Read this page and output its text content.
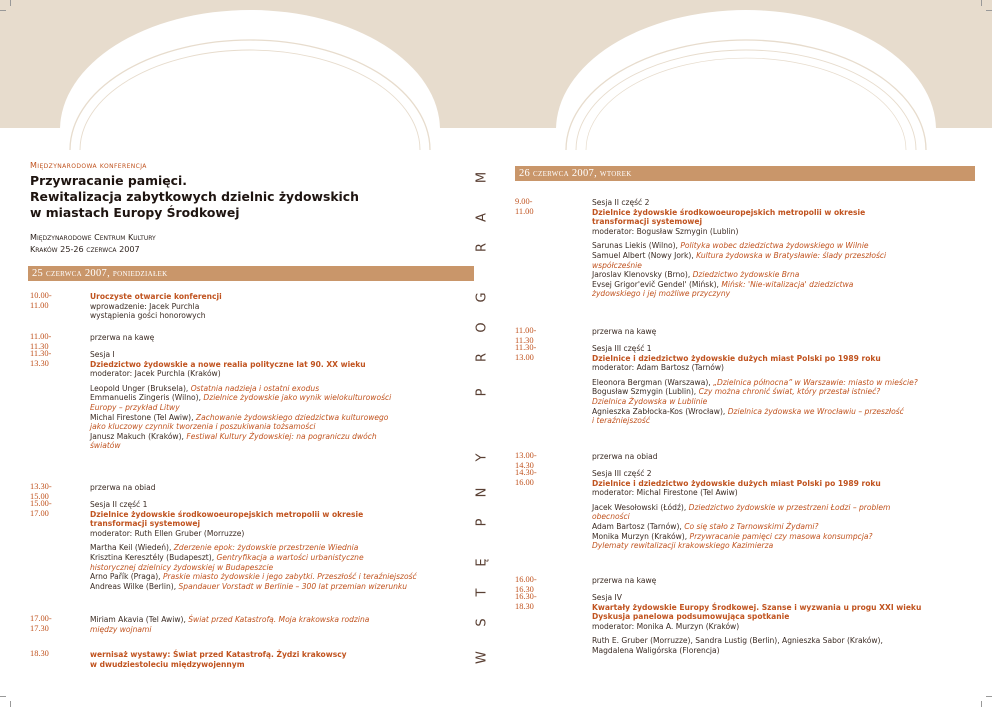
Międzynarodowa konferencja
Przywracanie pamięci.
Rewitalizacja zabytkowych dzielnic żydowskich
w miastach Europy Środkowej
Międzynarodowe Centrum Kultury
Kraków 25-26 czerwca 2007
25 czerwca 2007, poniedziałek
10.00-11.00
Uroczyste otwarcie konferencji
wprowadzenie: Jacek Purchla
wystąpienia gości honorowych
11.00-11.30
przerwa na kawę
11.30-13.30
Sesja I
Dziedzictwo żydowskie a nowe realia polityczne lat 90. XX wieku
moderator: Jacek Purchla (Kraków)
Leopold Unger (Bruksela), Ostatnia nadzieja i ostatni exodus
Emmanuelis Zingeris (Wilno), Dzielnice żydowskie jako wynik wielokulturowości
Europy – przykład Litwy
Michal Firestone (Tel Awiw), Zachowanie żydowskiego dziedzictwa kulturowego
jako kluczowy czynnik tworzenia i poszukiwania tożsamości
Janusz Makuch (Kraków), Festiwal Kultury Żydowskiej: na pograniczu dwóch
światów
13.30-15.00
przerwa na obiad
15.00-17.00
Sesja II część 1
Dzielnice żydowskie środkowoeuropejskich metropolii w okresie
transformacji systemowej
moderator: Ruth Ellen Gruber (Morruzze)
Martha Keil (Wiedeń), Zderzenie epok: żydowskie przestrzenie Wiednia
Krisztina Keresztély (Budapeszt), Gentryfikacja a wartości urbanistyczne
historycznej dzielnicy żydowskiej w Budapeszcie
Arno Pařík (Praga), Praskie miasto żydowskie i jego zabytki. Przeszłość i teraźniejszość
Andreas Wilke (Berlin), Spandauer Vorstadt w Berlinie – 300 lat przemian wizerunku
17.00-17.30
Miriam Akavia (Tel Awiw), Świat przed Katastrofą. Moja krakowska rodzina
między wojnami
18.30	wernisaż wystawy: Świat przed Katastrofą. Żydzi krakowscy
w dwudziestoleciu międzywojennym
W
S
T
Ę
P
N
Y
P
R
O
G
R
A
M	26 czerwca 2007, wtorek
9.00-11.00
Sesja II część 2
Dzielnice żydowskie środkowoeuropejskich metropolii w okresie
transformacji systemowej
moderator: Bogusław Szmygin (Lublin)
Sarunas Liekis (Wilno), Polityka wobec dziedzictwa żydowskiego w Wilnie
Samuel Albert (Nowy Jork), Kultura żydowska w Bratysławie: ślady przeszłości
współcześnie
Jaroslav Klenovsky (Brno), Dziedzictwo żydowskie Brna
Evsej Grigor'evič Gendel' (Mińsk), Mińsk: 'Nie-witalizacja' dziedzictwa
żydowskiego i jej możliwe przyczyny
11.00-11.30
przerwa na kawę
11.30-13.00
Sesja III część 1
Dzielnice i dziedzictwo żydowskie dużych miast Polski po 1989 roku
moderator: Adam Bartosz (Tarnów)
Eleonora Bergman (Warszawa), „Dzielnica północna” w Warszawie: miasto w mieście?
Bogusław Szmygin (Lublin), Czy można chronić świat, który przestał istnieć?
Dzielnica Żydowska w Lublinie
Agnieszka Zabłocka-Kos (Wrocław), Dzielnica żydowska we Wrocławiu – przeszłość
i teraźniejszość
13.00-14.30
przerwa na obiad
14.30-16.00
Sesja III część 2
Dzielnice i dziedzictwo żydowskie dużych miast Polski po 1989 roku
moderator: Michal Firestone (Tel Awiw)
Jacek Wesołowski (Łódź), Dziedzictwo żydowskie w przestrzeni Łodzi – problem
obecności
Adam Bartosz (Tarnów), Co się stało z Tarnowskimi Żydami?
Monika Murzyn (Kraków), Przywracanie pamięci czy masowa konsumpcja?
Dylematy rewitalizacji krakowskiego Kazimierza
16.00-16.30
przerwa na kawę
16.30-18.30
Sesja IV
Kwartały żydowskie Europy Środkowej. Szanse i wyzwania u progu XXI wieku
Dyskusja panelowa podsumowująca spotkanie
moderator: Monika A. Murzyn (Kraków)
Ruth E. Gruber (Morruzze), Sandra Lustig (Berlin), Agnieszka Sabor (Kraków),
Magdalena Waligórska (Florencja)
